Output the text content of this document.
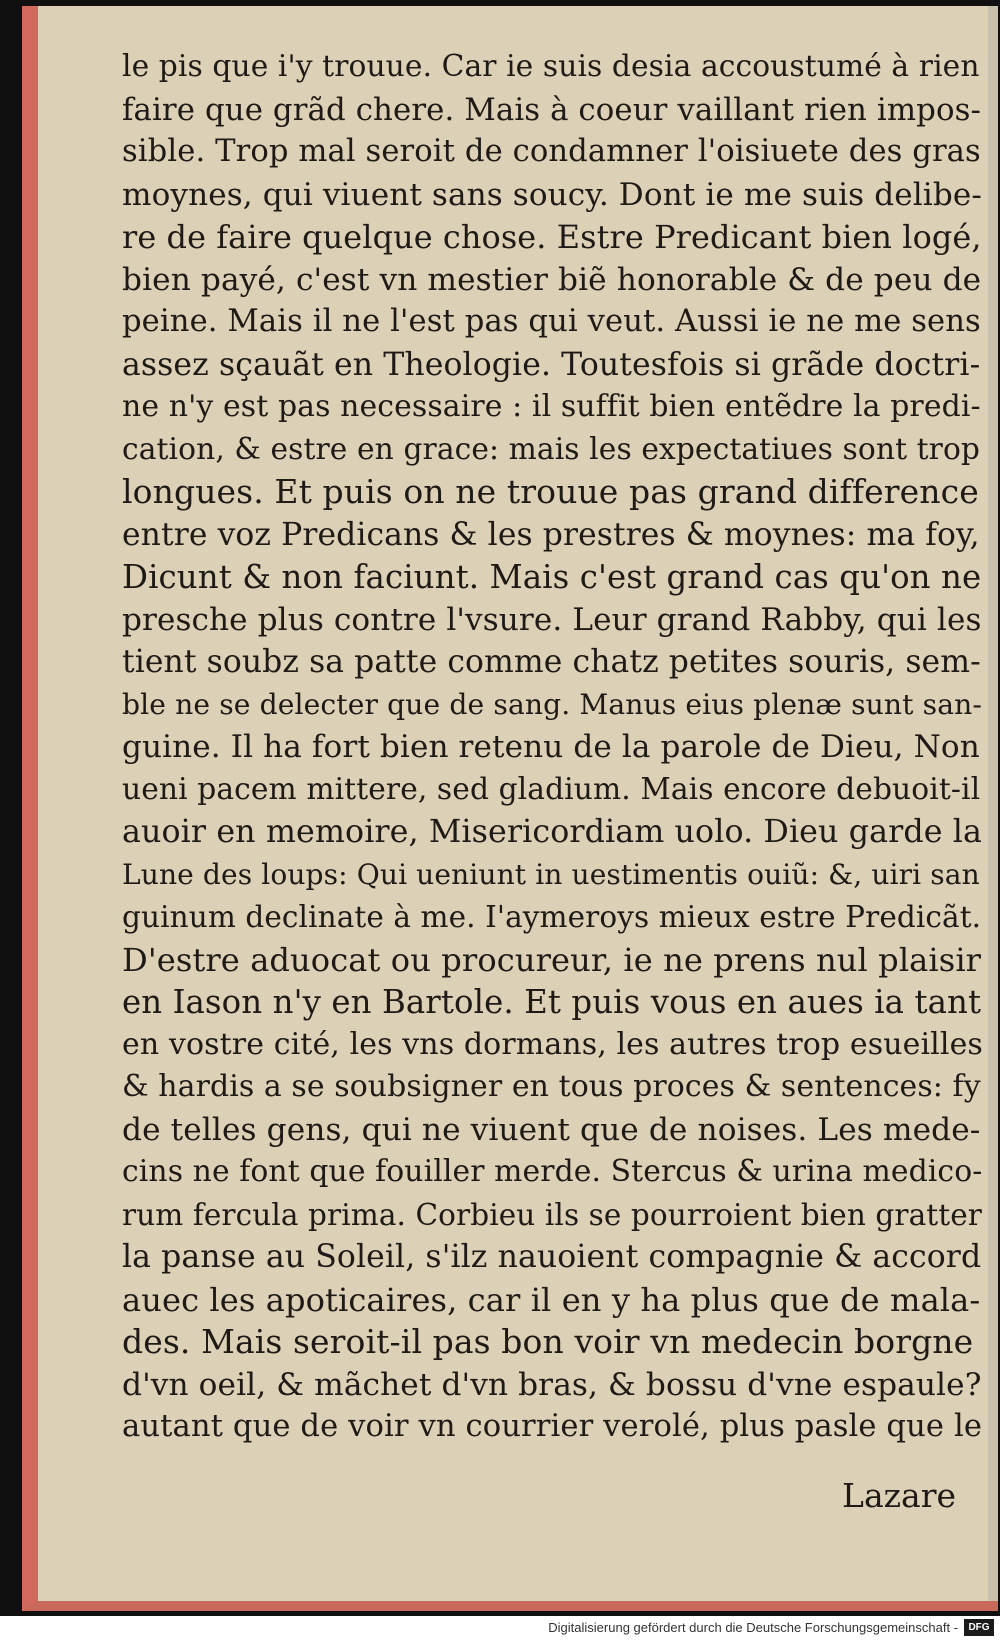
le pis que i'y trouue. Car ie suis desia accoustumé à rien
faire que grãd chere. Mais à coeur vaillant rien impos-
sible. Trop mal seroit de condamner l'oisiuete des gras
moynes, qui viuent sans soucy. Dont ie me suis delibe-
re de faire quelque chose. Estre Predicant bien logé,
bien payé, c'est vn mestier biẽ honorable & de peu de
peine. Mais il ne l'est pas qui veut. Aussi ie ne me sens
assez sçauãt en Theologie. Toutesfois si grãde doctri-
ne n'y est pas necessaire : il suffit bien entẽdre la predi-
cation, & estre en grace: mais les expectatiues sont trop
longues. Et puis on ne trouue pas grand difference
entre voz Predicans & les prestres & moynes: ma foy,
Dicunt & non faciunt. Mais c'est grand cas qu'on ne
presche plus contre l'vsure. Leur grand Rabby, qui les
tient soubz sa patte comme chatz petites souris, sem-
ble ne se delecter que de sang. Manus eius plenæ sunt san-
guine. Il ha fort bien retenu de la parole de Dieu, Non
ueni pacem mittere, sed gladium. Mais encore debuoit-il
auoir en memoire, Misericordiam uolo. Dieu garde la
Lune des loups: Qui ueniunt in uestimentis ouiũ: &, uiri san
guinum declinate à me. I'aymeroys mieux estre Predicãt.
D'estre aduocat ou procureur, ie ne prens nul plaisir
en Iason n'y en Bartole. Et puis vous en aues ia tant
en vostre cité, les vns dormans, les autres trop esueilles
& hardis a se soubsigner en tous proces & sentences: fy
de telles gens, qui ne viuent que de noises. Les mede-
cins ne font que fouiller merde. Stercus & urina medico-
rum fercula prima. Corbieu ils se pourroient bien gratter
la panse au Soleil, s'ilz nauoient compagnie & accord
auec les apoticaires, car il en y ha plus que de mala-
des. Mais seroit-il pas bon voir vn medecin borgne
d'vn oeil, & mãchet d'vn bras, & bossu d'vne espaule?
autant que de voir vn courrier verolé, plus pasle que le
Lazare
Digitalisierung gefördert durch die Deutsche Forschungsgemeinschaft -	DFG
